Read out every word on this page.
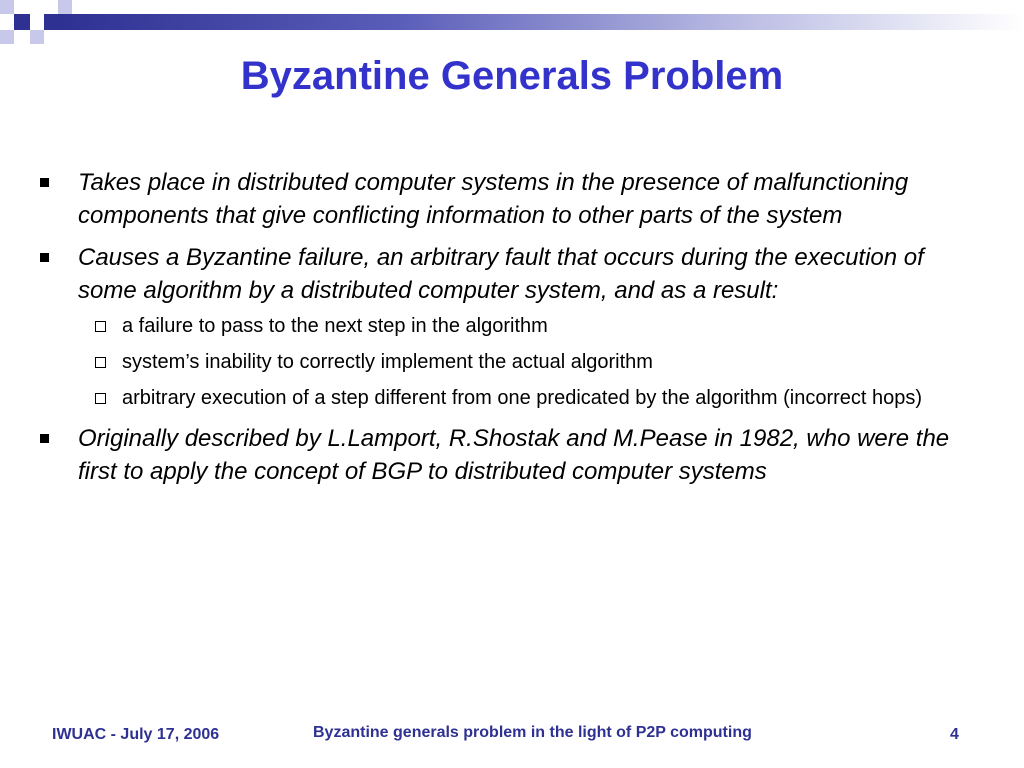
Byzantine Generals Problem
Takes place in distributed computer systems in the presence of malfunctioning components that give conflicting information to other parts of the system
Causes a Byzantine failure, an arbitrary fault that occurs during the execution of some algorithm by a distributed computer system, and as a result:
a failure to pass to the next step in the algorithm
system’s inability to correctly implement the actual algorithm
arbitrary execution of a step different from one predicated by the algorithm (incorrect hops)
Originally described by L.Lamport, R.Shostak and M.Pease in 1982, who were the first to apply the concept of BGP to distributed computer systems
IWUAC - July 17, 2006	Byzantine generals problem in the light of P2P computing	4
